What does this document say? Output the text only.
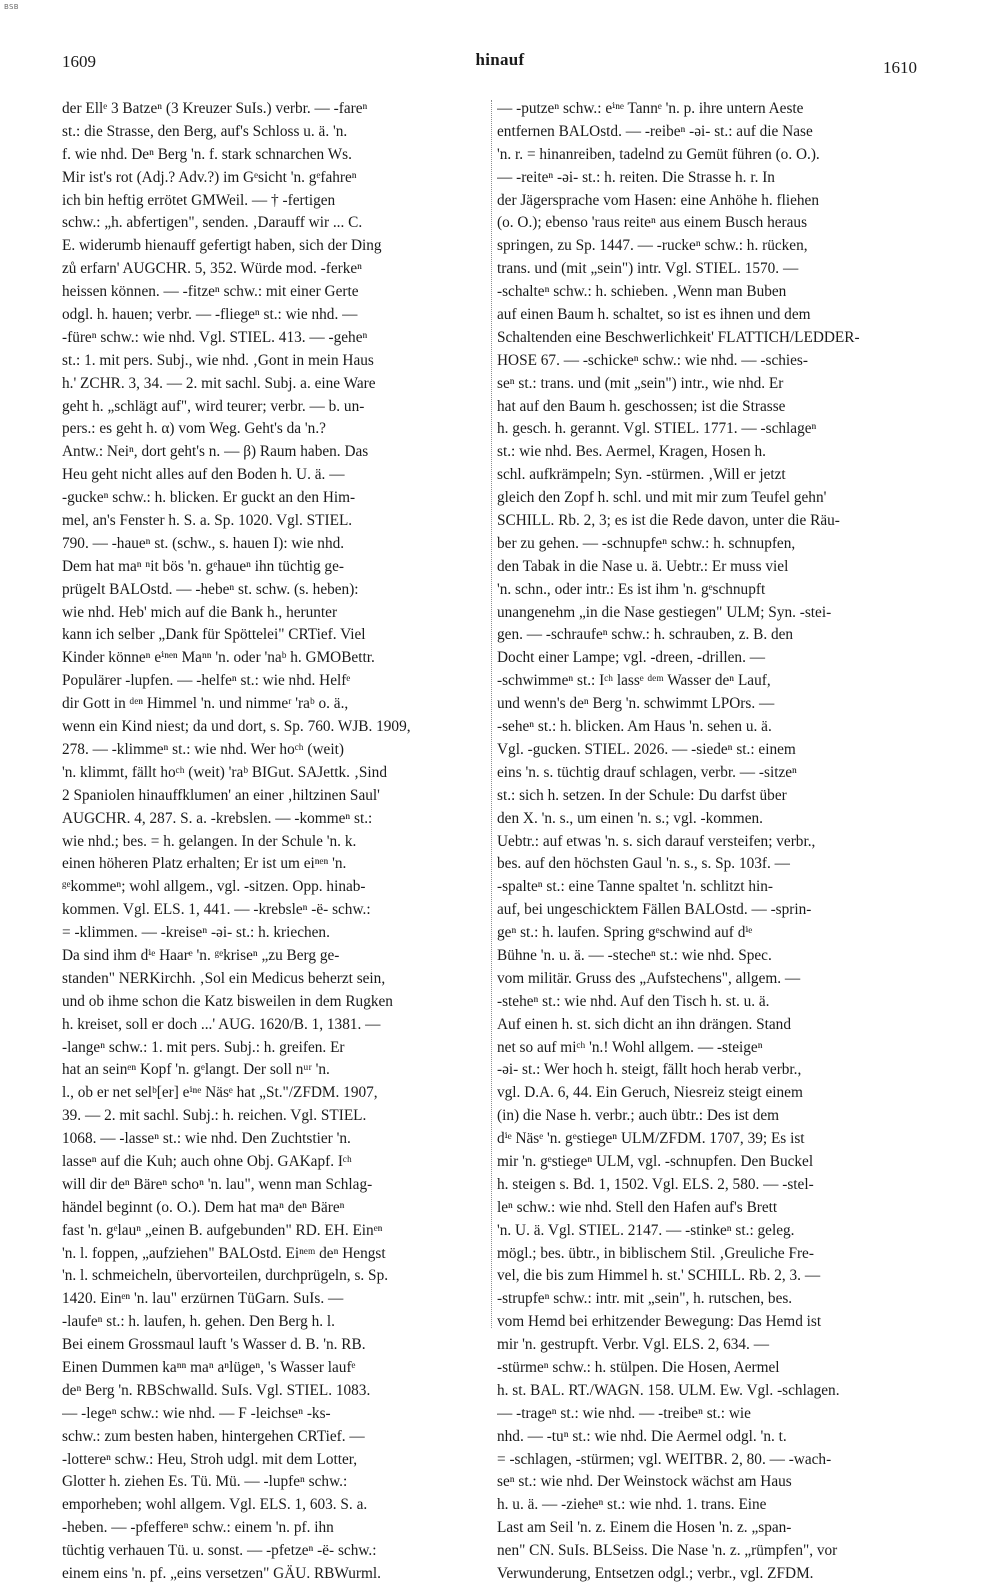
BSB
1609	hinauf	1610
der Ellᵉ 3 Batzeⁿ (3 Kreuzer SuIs.) verbr. — -fareⁿ
st.: die Strasse, den Berg, auf's Schloss u. ä. 'n.
f. wie nhd. Deⁿ Berg 'n. f. stark schnarchen Ws.
Mir ist's rot (Adj.? Adv.?) im Gᵉsicht 'n. gᵉfahreⁿ
ich bin heftig errötet GMWeil. — † -fertigen
schw.: „h. abfertigen", senden. ‚Darauff wir ... C.
E. widerumb hienauff gefertigt haben, sich der Ding
zů erfarn' AUGCHR. 5, 352. Würde mod. -ferkeⁿ
heissen können. — -fitzeⁿ schw.: mit einer Gerte
odgl. h. hauen; verbr. — -fliegeⁿ st.: wie nhd. —
-füreⁿ schw.: wie nhd. Vgl. STIEL. 413. — -geheⁿ
st.: 1. mit pers. Subj., wie nhd. ‚Gont in mein Haus
h.' ZCHR. 3, 34. — 2. mit sachl. Subj. a. eine Ware
geht h. „schlägt auf", wird teurer; verbr. — b. un-
pers.: es geht h. α) vom Weg. Geht's da 'n.?
Antw.: Neiⁿ, dort geht's n. — β) Raum haben. Das
Heu geht nicht alles auf den Boden h. U. ä. —
-guckeⁿ schw.: h. blicken. Er guckt an den Him-
mel, an's Fenster h. S. a. Sp. 1020. Vgl. STIEL.
790. — -haueⁿ st. (schw., s. hauen I): wie nhd.
Dem hat maⁿ ⁿit bös 'n. gᵉhaueⁿ ihn tüchtig ge-
prügelt BALOstd. — -hebeⁿ st. schw. (s. heben):
wie nhd. Heb' mich auf die Bank h., herunter
kann ich selber „Dank für Spöttelei" CRTief. Viel
Kinder könneⁿ eⁱⁿᵉⁿ Maⁿⁿ 'n. oder 'naᵇ h. GMOBettr.
Populärer -lupfen. — -helfeⁿ st.: wie nhd. Helfᵉ
dir Gott in ᵈᵉⁿ Himmel 'n. und nimmeʳ 'raᵇ o. ä.,
wenn ein Kind niest; da und dort, s. Sp. 760. WJB. 1909,
278. — -klimmeⁿ st.: wie nhd. Wer hoᶜʰ (weit)
'n. klimmt, fällt hoᶜʰ (weit) 'raᵇ BIGut. SAJettk. ‚Sind
2 Spaniolen hinauffklumen' an einer ‚hiltzinen Saul'
AUGCHR. 4, 287. S. a. -krebslen. — -kommeⁿ st.:
wie nhd.; bes. = h. gelangen. In der Schule 'n. k.
einen höheren Platz erhalten; Er ist um eiⁿᵉⁿ 'n.
ᵍᵉkommeⁿ; wohl allgem., vgl. -sitzen. Opp. hinab-
kommen. Vgl. ELS. 1, 441. — -krebsleⁿ -ë- schw.:
= -klimmen. — -kreiseⁿ -əi- st.: h. kriechen.
Da sind ihm dⁱᵉ Haarᵉ 'n. ᵍᵉkriseⁿ „zu Berg ge-
standen" NERKirchh. ‚Sol ein Medicus beherzt sein,
und ob ihme schon die Katz bisweilen in dem Rugken
h. kreiset, soll er doch ...' AUG. 1620/B. 1, 1381. —
-langeⁿ schw.: 1. mit pers. Subj.: h. greifen. Er
hat an seinᵉⁿ Kopf 'n. gᵉlangt. Der soll nᵘʳ 'n.
l., ob er net selᵇ[er] eⁱⁿᵉ Näsᵉ hat „St."/ZFDM. 1907,
39. — 2. mit sachl. Subj.: h. reichen. Vgl. STIEL.
1068. — -lasseⁿ st.: wie nhd. Den Zuchtstier 'n.
lasseⁿ auf die Kuh; auch ohne Obj. GAKapf. Iᶜʰ
will dir deⁿ Bäreⁿ schoⁿ 'n. lau", wenn man Schlag-
händel beginnt (o. O.). Dem hat maⁿ deⁿ Bäreⁿ
fast 'n. gᵉlauⁿ „einen B. aufgebunden" RD. EH. Einᵉⁿ
'n. l. foppen, „aufziehen" BALOstd. Eiⁿᵉᵐ deⁿ Hengst
'n. l. schmeicheln, übervorteilen, durchprügeln, s. Sp.
1420. Einᵉⁿ 'n. lau" erzürnen TüGarn. SuIs. —
-laufeⁿ st.: h. laufen, h. gehen. Den Berg h. l.
Bei einem Grossmaul lauft 's Wasser d. B. 'n. RB.
Einen Dummen kaⁿⁿ maⁿ aⁿlügeⁿ, 's Wasser laufᵉ
deⁿ Berg 'n. RBSchwalld. SuIs. Vgl. STIEL. 1083.
— -legeⁿ schw.: wie nhd. — F -leichseⁿ -ks-
schw.: zum besten haben, hintergehen CRTief. —
-lottereⁿ schw.: Heu, Stroh udgl. mit dem Lotter,
Glotter h. ziehen Es. Tü. Mü. — -lupfeⁿ schw.:
emporheben; wohl allgem. Vgl. ELS. 1, 603. S. a.
-heben. — -pfeffereⁿ schw.: einem 'n. pf. ihn
tüchtig verhauen Tü. u. sonst. — -pfetzeⁿ -ë- schw.:
einem eins 'n. pf. „eins versetzen" GÄU. RBWurml.
— -putzeⁿ schw.: eⁱⁿᵉ Tannᵉ 'n. p. ihre untern Aeste
entfernen BALOstd. — -reibeⁿ -əi- st.: auf die Nase
'n. r. = hinanreiben, tadelnd zu Gemüt führen (o. O.).
— -reiteⁿ -əi- st.: h. reiten. Die Strasse h. r. In
der Jägersprache vom Hasen: eine Anhöhe h. fliehen
(o. O.); ebenso 'raus reiteⁿ aus einem Busch heraus
springen, zu Sp. 1447. — -ruckeⁿ schw.: h. rücken,
trans. und (mit „sein") intr. Vgl. STIEL. 1570. —
-schalteⁿ schw.: h. schieben. ‚Wenn man Buben
auf einen Baum h. schaltet, so ist es ihnen und dem
Schaltenden eine Beschwerlichkeit' FLATTICH/LEDDER-
HOSE 67. — -schickeⁿ schw.: wie nhd. — -schies-
seⁿ st.: trans. und (mit „sein") intr., wie nhd. Er
hat auf den Baum h. geschossen; ist die Strasse
h. gesch. h. gerannt. Vgl. STIEL. 1771. — -schlageⁿ
st.: wie nhd. Bes. Aermel, Kragen, Hosen h.
schl. aufkrämpeln; Syn. -stürmen. ‚Will er jetzt
gleich den Zopf h. schl. und mit mir zum Teufel gehn'
SCHILL. Rb. 2, 3; es ist die Rede davon, unter die Räu-
ber zu gehen. — -schnupfeⁿ schw.: h. schnupfen,
den Tabak in die Nase u. ä. Uebtr.: Er muss viel
'n. schn., oder intr.: Es ist ihm 'n. gᵉschnupft
unangenehm „in die Nase gestiegen" ULM; Syn. -stei-
gen. — -schraufeⁿ schw.: h. schrauben, z. B. den
Docht einer Lampe; vgl. -dreen, -drillen. —
-schwimmeⁿ st.: Iᶜʰ lassᵉ ᵈᵉᵐ Wasser deⁿ Lauf,
und wenn's deⁿ Berg 'n. schwimmt LPOrs. —
-seheⁿ st.: h. blicken. Am Haus 'n. sehen u. ä.
Vgl. -gucken. STIEL. 2026. — -siedeⁿ st.: einem
eins 'n. s. tüchtig drauf schlagen, verbr. — -sitzeⁿ
st.: sich h. setzen. In der Schule: Du darfst über
den X. 'n. s., um einen 'n. s.; vgl. -kommen.
Uebtr.: auf etwas 'n. s. sich darauf versteifen; verbr.,
bes. auf den höchsten Gaul 'n. s., s. Sp. 103f. —
-spalteⁿ st.: eine Tanne spaltet 'n. schlitzt hin-
auf, bei ungeschicktem Fällen BALOstd. — -sprin-
geⁿ st.: h. laufen. Spring gᵉschwind auf dⁱᵉ
Bühne 'n. u. ä. — -stecheⁿ st.: wie nhd. Spec.
vom militär. Gruss des „Aufstechens", allgem. —
-steheⁿ st.: wie nhd. Auf den Tisch h. st. u. ä.
Auf einen h. st. sich dicht an ihn drängen. Stand
net so auf miᶜʰ 'n.! Wohl allgem. — -steigeⁿ
-əi- st.: Wer hoch h. steigt, fällt hoch herab verbr.,
vgl. D.A. 6, 44. Ein Geruch, Niesreiz steigt einem
(in) die Nase h. verbr.; auch übtr.: Des ist dem
dⁱᵉ Näsᵉ 'n. gᵉstiegeⁿ ULM/ZFDM. 1707, 39; Es ist
mir 'n. gᵉstiegeⁿ ULM, vgl. -schnupfen. Den Buckel
h. steigen s. Bd. 1, 1502. Vgl. ELS. 2, 580. — -stel-
leⁿ schw.: wie nhd. Stell den Hafen auf's Brett
'n. U. ä. Vgl. STIEL. 2147. — -stinkeⁿ st.: geleg.
mögl.; bes. übtr., in biblischem Stil. ‚Greuliche Fre-
vel, die bis zum Himmel h. st.' SCHILL. Rb. 2, 3. —
-strupfeⁿ schw.: intr. mit „sein", h. rutschen, bes.
vom Hemd bei erhitzender Bewegung: Das Hemd ist
mir 'n. gestrupft. Verbr. Vgl. ELS. 2, 634. —
-stürmeⁿ schw.: h. stülpen. Die Hosen, Aermel
h. st. BAL. RT./WAGN. 158. ULM. Ew. Vgl. -schlagen.
— -trageⁿ st.: wie nhd. — -treibeⁿ st.: wie
nhd. — -tuⁿ st.: wie nhd. Die Aermel odgl. 'n. t.
= -schlagen, -stürmen; vgl. WEITBR. 2, 80. — -wach-
seⁿ st.: wie nhd. Der Weinstock wächst am Haus
h. u. ä. — -zieheⁿ st.: wie nhd. 1. trans. Eine
Last am Seil 'n. z. Einem die Hosen 'n. z. „span-
nen" CN. SuIs. BLSeiss. Die Nase 'n. z. „rümpfen", vor
Verwunderung, Entsetzen odgl.; verbr., vgl. ZFDM.
